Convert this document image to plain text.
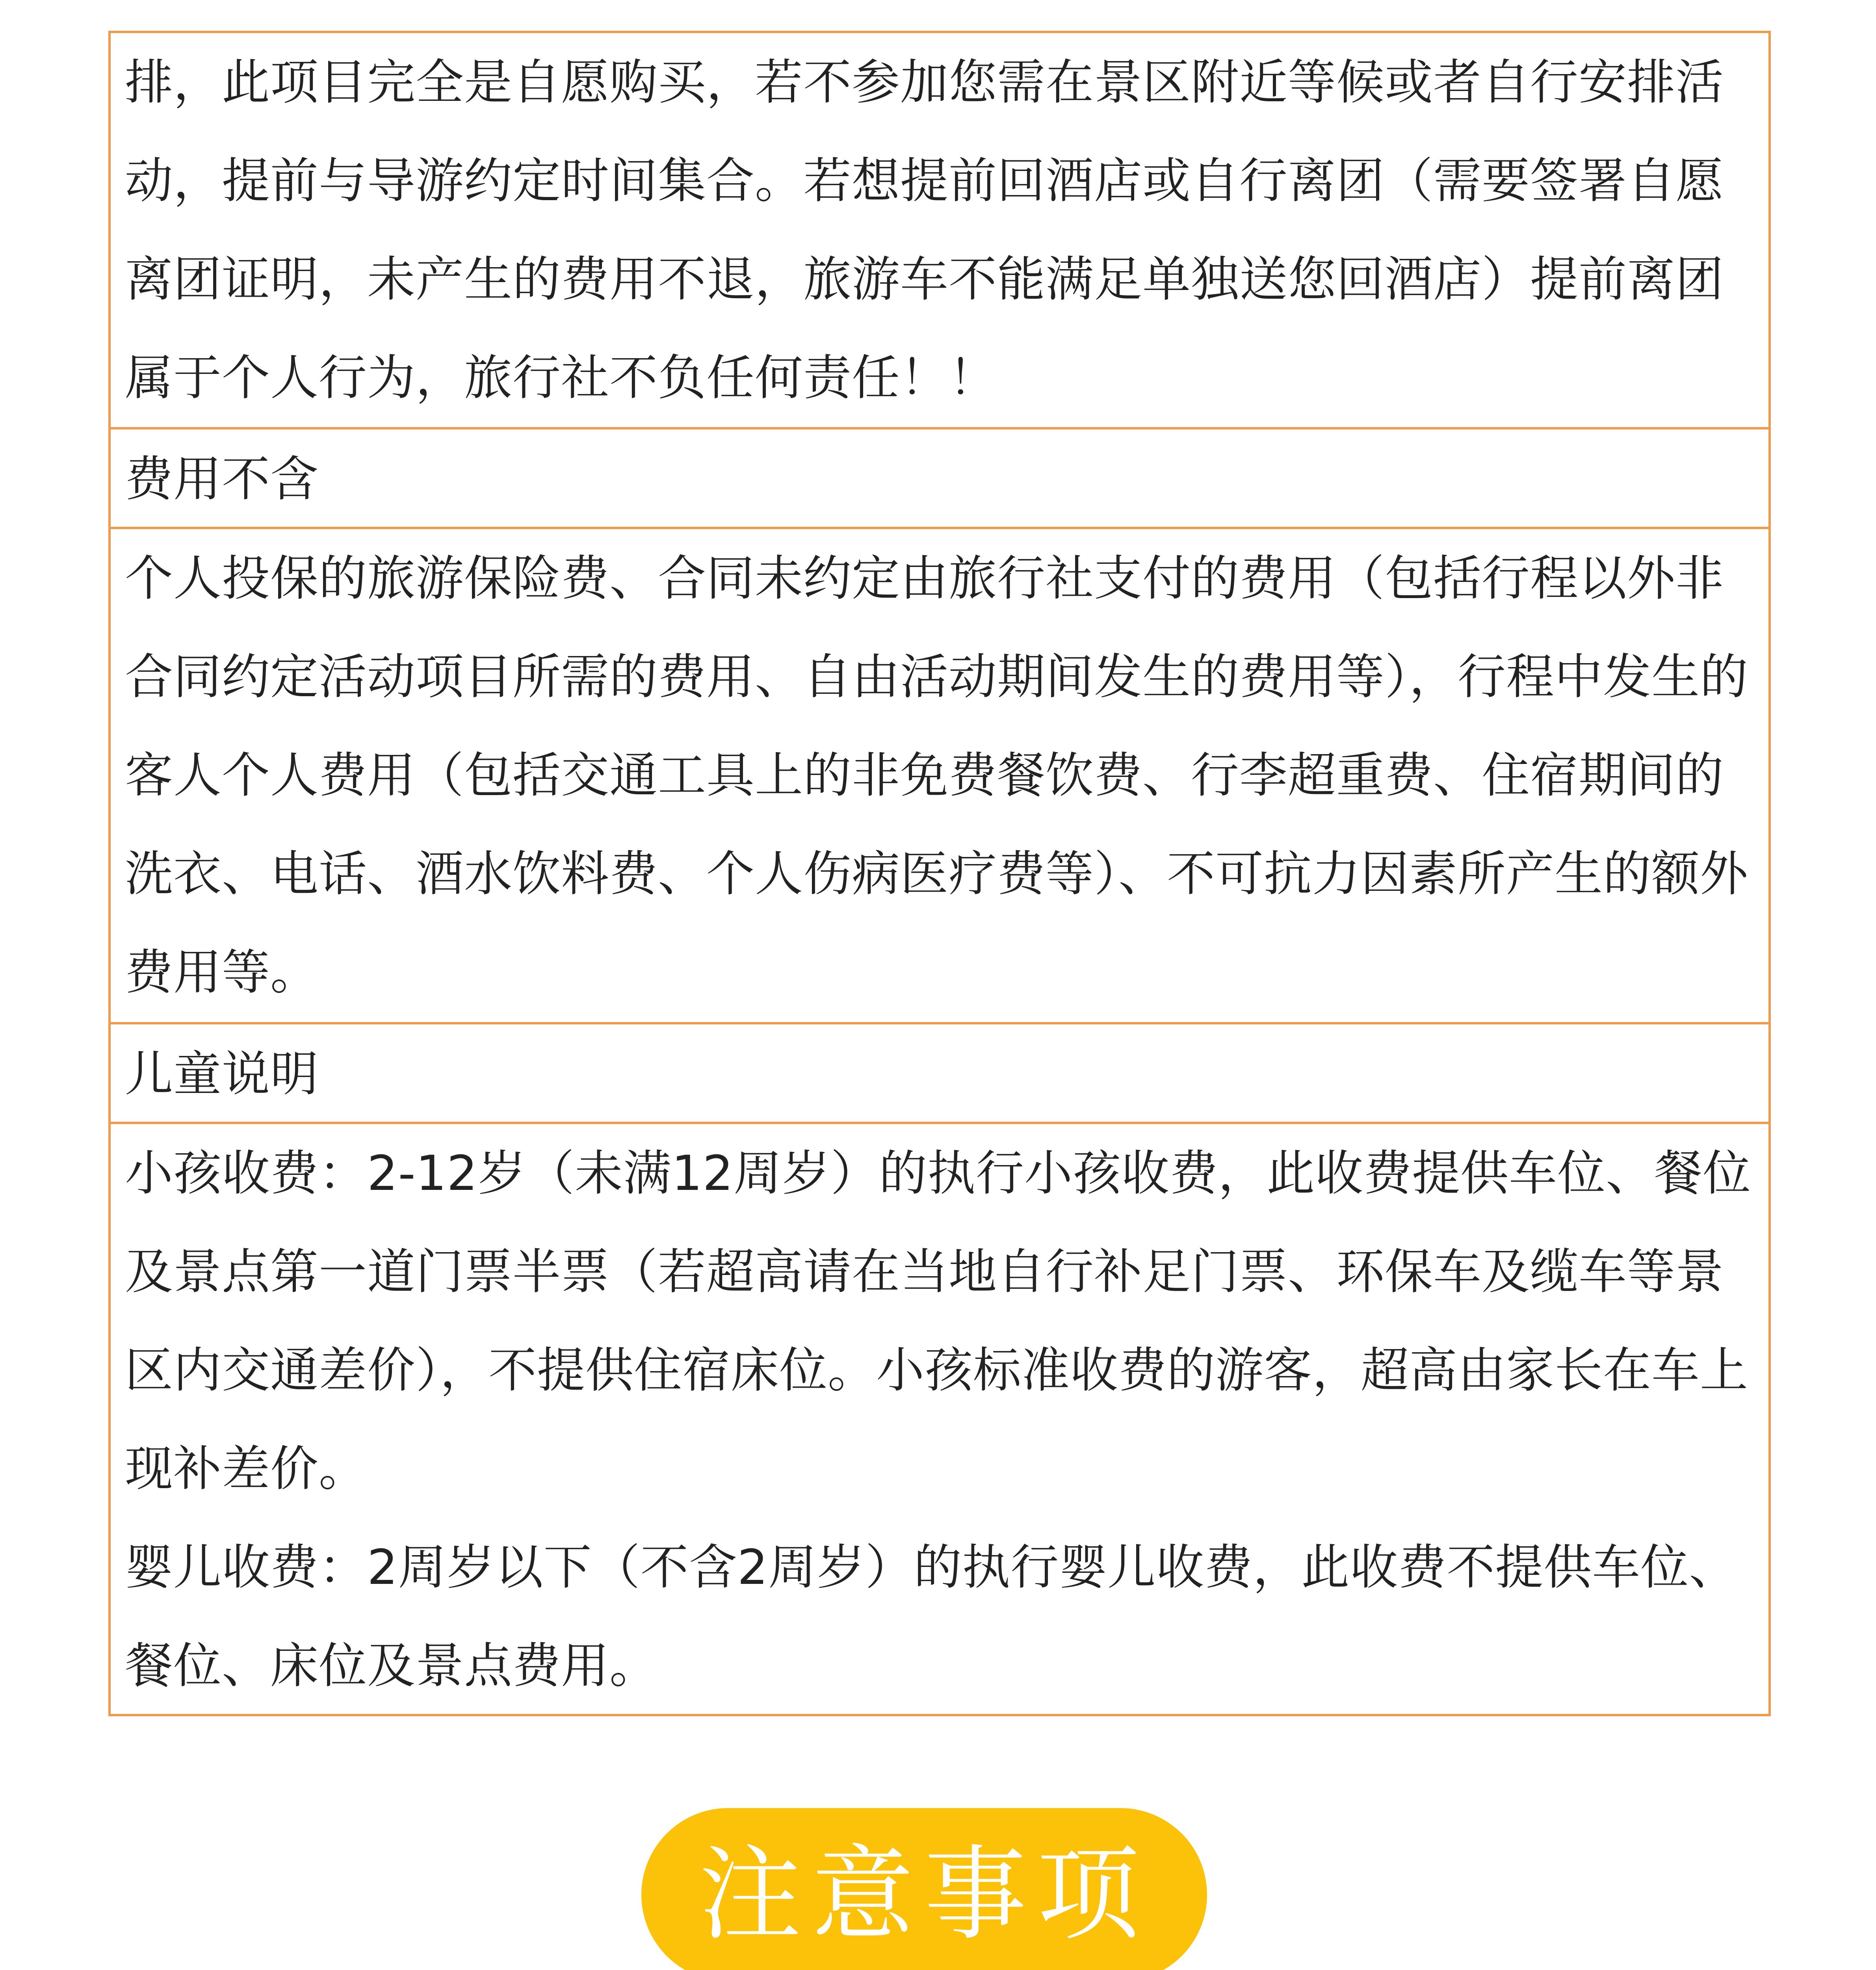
排，此项目完全是自愿购买，若不参加您需在景区附近等候或者自行安排活动，提前与导游约定时间集合。若想提前回酒店或自行离团（需要签署自愿离团证明，未产生的费用不退，旅游车不能满足单独送您回酒店）提前离团属于个人行为，旅行社不负任何责任！！

费用不含

个人投保的旅游保险费、合同未约定由旅行社支付的费用（包括行程以外非合同约定活动项目所需的费用、自由活动期间发生的费用等），行程中发生的客人个人费用（包括交通工具上的非免费餐饮费、行李超重费、住宿期间的洗衣、电话、酒水饮料费、个人伤病医疗费等）、不可抗力因素所产生的额外费用等。

儿童说明

小孩收费：2-12岁（未满12周岁）的执行小孩收费，此收费提供车位、餐位及景点第一道门票半票（若超高请在当地自行补足门票、环保车及缆车等景区内交通差价），不提供住宿床位。小孩标准收费的游客，超高由家长在车上现补差价。

婴儿收费：2周岁以下（不含2周岁）的执行婴儿收费，此收费不提供车位、餐位、床位及景点费用。

注意事项
